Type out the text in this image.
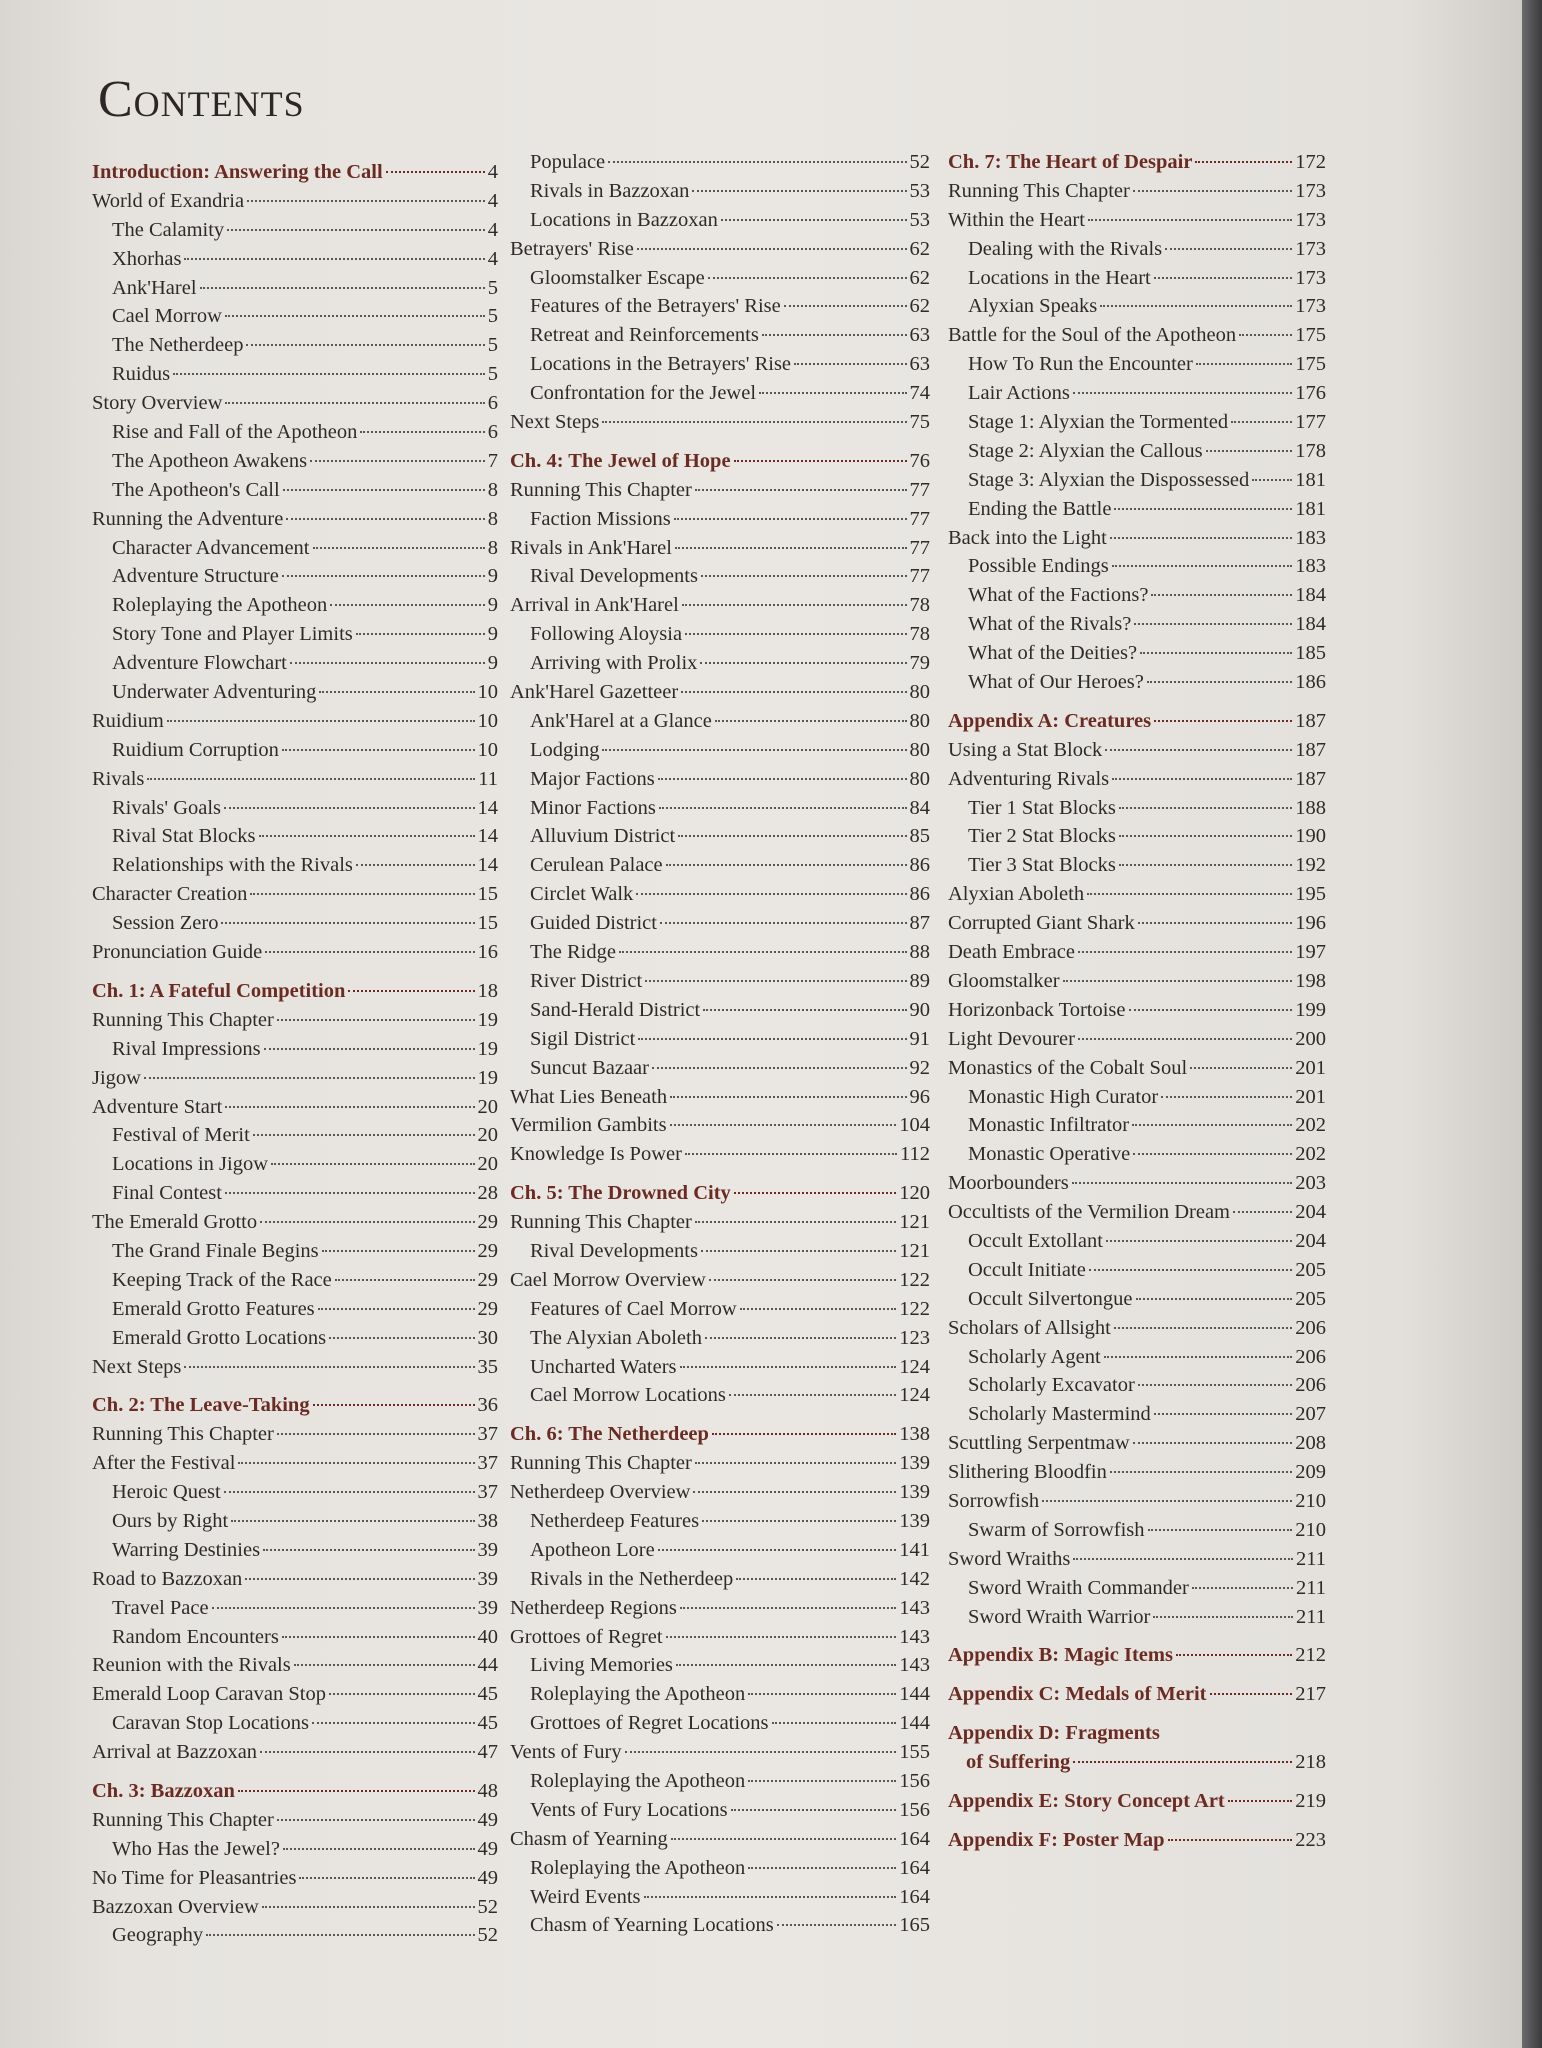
Contents
Introduction: Answering the Call	4
World of Exandria	4
The Calamity	4
Xhorhas	4
Ank'Harel	5
Cael Morrow	5
The Netherdeep	5
Ruidus	5
Story Overview	6
Rise and Fall of the Apotheon	6
The Apotheon Awakens	7
The Apotheon's Call	8
Running the Adventure	8
Character Advancement	8
Adventure Structure	9
Roleplaying the Apotheon	9
Story Tone and Player Limits	9
Adventure Flowchart	9
Underwater Adventuring	10
Ruidium	10
Ruidium Corruption	10
Rivals	11
Rivals' Goals	14
Rival Stat Blocks	14
Relationships with the Rivals	14
Character Creation	15
Session Zero	15
Pronunciation Guide	16
Ch. 1: A Fateful Competition	18
Running This Chapter	19
Rival Impressions	19
Jigow	19
Adventure Start	20
Festival of Merit	20
Locations in Jigow	20
Final Contest	28
The Emerald Grotto	29
The Grand Finale Begins	29
Keeping Track of the Race	29
Emerald Grotto Features	29
Emerald Grotto Locations	30
Next Steps	35
Ch. 2: The Leave-Taking	36
Running This Chapter	37
After the Festival	37
Heroic Quest	37
Ours by Right	38
Warring Destinies	39
Road to Bazzoxan	39
Travel Pace	39
Random Encounters	40
Reunion with the Rivals	44
Emerald Loop Caravan Stop	45
Caravan Stop Locations	45
Arrival at Bazzoxan	47
Ch. 3: Bazzoxan	48
Running This Chapter	49
Who Has the Jewel?	49
No Time for Pleasantries	49
Bazzoxan Overview	52
Geography	52
Populace	52
Rivals in Bazzoxan	53
Locations in Bazzoxan	53
Betrayers' Rise	62
Gloomstalker Escape	62
Features of the Betrayers' Rise	62
Retreat and Reinforcements	63
Locations in the Betrayers' Rise	63
Confrontation for the Jewel	74
Next Steps	75
Ch. 4: The Jewel of Hope	76
Running This Chapter	77
Faction Missions	77
Rivals in Ank'Harel	77
Rival Developments	77
Arrival in Ank'Harel	78
Following Aloysia	78
Arriving with Prolix	79
Ank'Harel Gazetteer	80
Ank'Harel at a Glance	80
Lodging	80
Major Factions	80
Minor Factions	84
Alluvium District	85
Cerulean Palace	86
Circlet Walk	86
Guided District	87
The Ridge	88
River District	89
Sand-Herald District	90
Sigil District	91
Suncut Bazaar	92
What Lies Beneath	96
Vermilion Gambits	104
Knowledge Is Power	112
Ch. 5: The Drowned City	120
Running This Chapter	121
Rival Developments	121
Cael Morrow Overview	122
Features of Cael Morrow	122
The Alyxian Aboleth	123
Uncharted Waters	124
Cael Morrow Locations	124
Ch. 6: The Netherdeep	138
Running This Chapter	139
Netherdeep Overview	139
Netherdeep Features	139
Apotheon Lore	141
Rivals in the Netherdeep	142
Netherdeep Regions	143
Grottoes of Regret	143
Living Memories	143
Roleplaying the Apotheon	144
Grottoes of Regret Locations	144
Vents of Fury	155
Roleplaying the Apotheon	156
Vents of Fury Locations	156
Chasm of Yearning	164
Roleplaying the Apotheon	164
Weird Events	164
Chasm of Yearning Locations	165
Ch. 7: The Heart of Despair	172
Running This Chapter	173
Within the Heart	173
Dealing with the Rivals	173
Locations in the Heart	173
Alyxian Speaks	173
Battle for the Soul of the Apotheon	175
How To Run the Encounter	175
Lair Actions	176
Stage 1: Alyxian the Tormented	177
Stage 2: Alyxian the Callous	178
Stage 3: Alyxian the Dispossessed 181
Ending the Battle	181
Back into the Light	183
Possible Endings	183
What of the Factions?	184
What of the Rivals?	184
What of the Deities?	185
What of Our Heroes?	186
Appendix A: Creatures	187
Using a Stat Block	187
Adventuring Rivals	187
Tier 1 Stat Blocks	188
Tier 2 Stat Blocks	190
Tier 3 Stat Blocks	192
Alyxian Aboleth	195
Corrupted Giant Shark	196
Death Embrace	197
Gloomstalker	198
Horizonback Tortoise	199
Light Devourer	200
Monastics of the Cobalt Soul	201
Monastic High Curator	201
Monastic Infiltrator	202
Monastic Operative	202
Moorbounders	203
Occultists of the Vermilion Dream	204
Occult Extollant	204
Occult Initiate	205
Occult Silvertongue	205
Scholars of Allsight	206
Scholarly Agent	206
Scholarly Excavator	206
Scholarly Mastermind	207
Scuttling Serpentmaw	208
Slithering Bloodfin	209
Sorrowfish	210
Swarm of Sorrowfish	210
Sword Wraiths	211
Sword Wraith Commander	211
Sword Wraith Warrior	211
Appendix B: Magic Items	212
Appendix C: Medals of Merit	217
Appendix D: Fragments
of Suffering	218
Appendix E: Story Concept Art	219
Appendix F: Poster Map	223
